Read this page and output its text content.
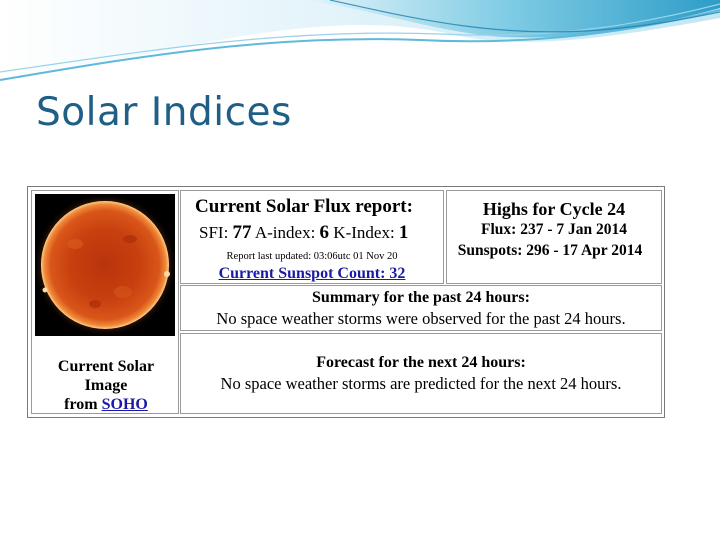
Solar Indices
Current Solar
Image
from SOHO
Current Solar Flux report:
SFI: 77 A-index: 6 K-Index: 1
Report last updated: 03:06utc 01 Nov 20
Current Sunspot Count: 32
Highs for Cycle 24
Flux: 237 - 7 Jan 2014
Sunspots: 296 - 17 Apr 2014
Summary for the past 24 hours:
No space weather storms were observed for the past 24 hours.
Forecast for the next 24 hours:
No space weather storms are predicted for the next 24 hours.
